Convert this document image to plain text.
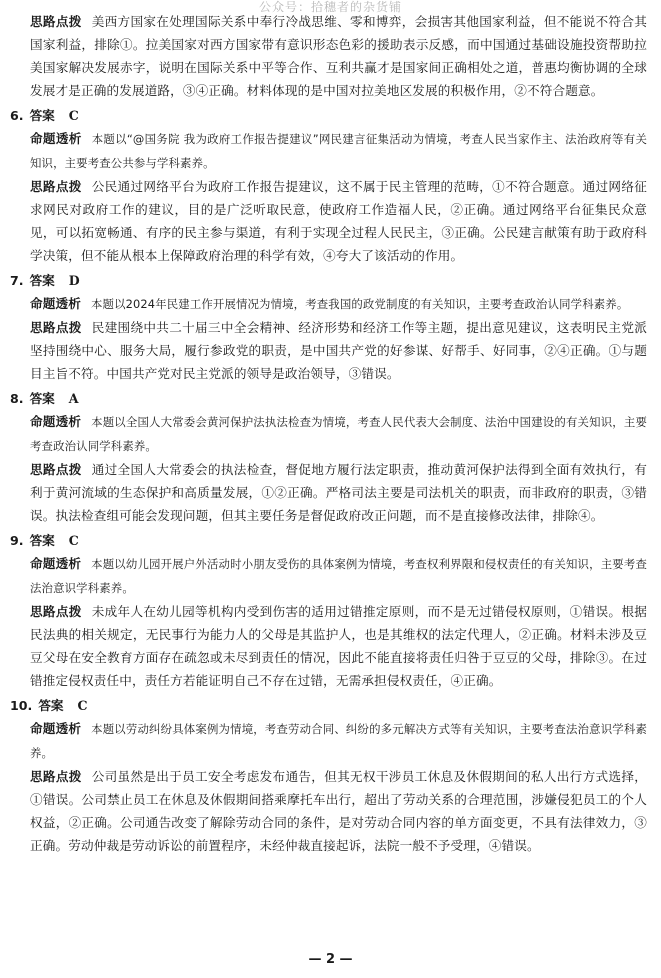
公众号：拾穗者的杂货铺

思路点拨 美西方国家在处理国际关系中奉行冷战思维、零和博弈，会损害其他国家利益，但不能说不符合其国家利益，排除①。拉美国家对西方国家带有意识形态色彩的援助表示反感，而中国通过基础设施投资帮助拉美国家解决发展赤字，说明在国际关系中平等合作、互利共赢才是国家间正确相处之道，普惠均衡协调的全球发展才是正确的发展道路，③④正确。材料体现的是中国对拉美地区发展的积极作用，②不符合题意。

6. 答案 C

命题透析 本题以“@国务院 我为政府工作报告提建议”网民建言征集活动为情境，考查人民当家作主、法治政府等有关知识，主要考查公共参与学科素养。

思路点拨 公民通过网络平台为政府工作报告提建议，这不属于民主管理的范畴，①不符合题意。通过网络征求网民对政府工作的建议，目的是广泛听取民意，使政府工作造福人民，②正确。通过网络平台征集民众意见，可以拓宽畅通、有序的民主参与渠道，有利于实现全过程人民民主，③正确。公民建言献策有助于政府科学决策，但不能从根本上保障政府治理的科学有效，④夸大了该活动的作用。

7. 答案 D

命题透析 本题以2024年民建工作开展情况为情境，考查我国的政党制度的有关知识，主要考查政治认同学科素养。

思路点拨 民建围绕中共二十届三中全会精神、经济形势和经济工作等主题，提出意见建议，这表明民主党派坚持围绕中心、服务大局，履行参政党的职责，是中国共产党的好参谋、好帮手、好同事，②④正确。①与题目主旨不符。中国共产党对民主党派的领导是政治领导，③错误。

8. 答案 A

命题透析 本题以全国人大常委会黄河保护法执法检查为情境，考查人民代表大会制度、法治中国建设的有关知识，主要考查政治认同学科素养。

思路点拨 通过全国人大常委会的执法检查，督促地方履行法定职责，推动黄河保护法得到全面有效执行，有利于黄河流域的生态保护和高质量发展，①②正确。严格司法主要是司法机关的职责，而非政府的职责，③错误。执法检查组可能会发现问题，但其主要任务是督促政府改正问题，而不是直接修改法律，排除④。

9. 答案 C

命题透析 本题以幼儿园开展户外活动时小朋友受伤的具体案例为情境，考查权利界限和侵权责任的有关知识，主要考查法治意识学科素养。

思路点拨 未成年人在幼儿园等机构内受到伤害的适用过错推定原则，而不是无过错侵权原则，①错误。根据民法典的相关规定，无民事行为能力人的父母是其监护人，也是其维权的法定代理人，②正确。材料未涉及豆豆父母在安全教育方面存在疏忽或未尽到责任的情况，因此不能直接将责任归咎于豆豆的父母，排除③。在过错推定侵权责任中，责任方若能证明自己不存在过错，无需承担侵权责任，④正确。

10. 答案 C

命题透析 本题以劳动纠纷具体案例为情境，考查劳动合同、纠纷的多元解决方式等有关知识，主要考查法治意识学科素养。

思路点拨 公司虽然是出于员工安全考虑发布通告，但其无权干涉员工休息及休假期间的私人出行方式选择，①错误。公司禁止员工在休息及休假期间搭乘摩托车出行，超出了劳动关系的合理范围，涉嫌侵犯员工的个人权益，②正确。公司通告改变了解除劳动合同的条件，是对劳动合同内容的单方面变更，不具有法律效力，③正确。劳动仲裁是劳动诉讼的前置程序，未经仲裁直接起诉，法院一般不予受理，④错误。

— 2 —
